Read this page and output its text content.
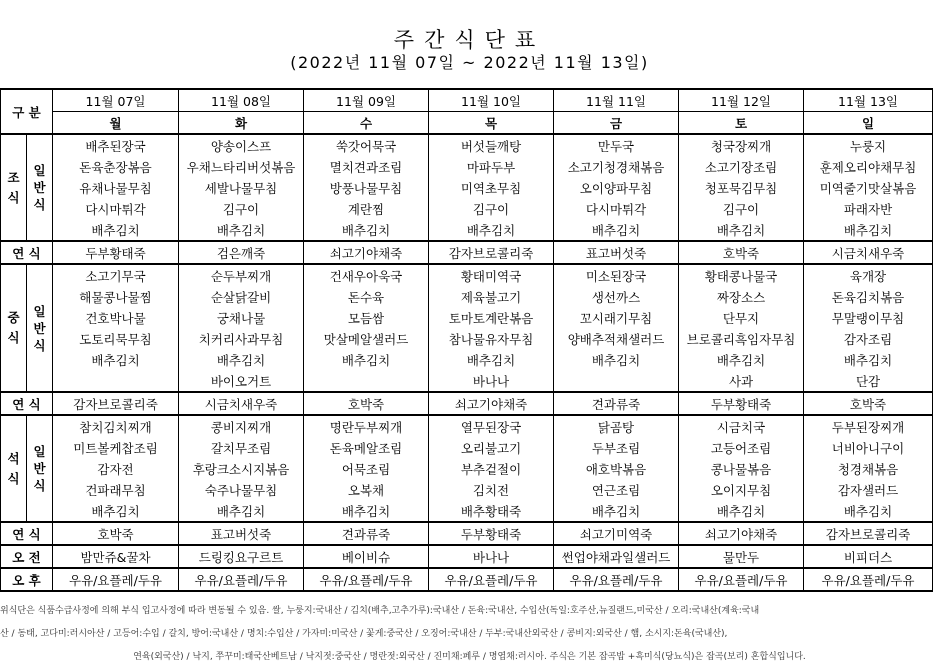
주간식단표
(2022년 11월 07일 ~ 2022년 11월 13일)
구 분		11월 07일	11월 08일	11월 09일	11월 10일	11월 11일	11월 12일	11월 13일
		월	화	수	목	금	토	일
조
식	일
반
식	배추된장국	양송이스프	쑥갓어묵국	버섯들깨탕	만두국	청국장찌개	누룽지
		돈육춘장볶음	우채느타리버섯볶음	멸치견과조림	마파두부	소고기청경채볶음	소고기장조림	훈제오리야채무침
		유채나물무침	세발나물무침	방풍나물무침	미역초무침	오이양파무침	청포묵김무침	미역줄기맛살볶음
		다시마튀각	김구이	계란찜	김구이	다시마튀각	김구이	파래자반
		배추김치	배추김치	배추김치	배추김치	배추김치	배추김치	배추김치
연 식		두부황태죽	검은깨죽	쇠고기야채죽	감자브로콜리죽	표고버섯죽	호박죽	시금치새우죽
중
식	일
반
식	소고기무국	순두부찌개	건새우아욱국	황태미역국	미소된장국	황태콩나물국	육개장
		해물콩나물찜	순살닭갈비	돈수육	제육불고기	생선까스	짜장소스	돈육김치볶음
		건호박나물	궁채나물	모듬쌈	토마토계란볶음	꼬시래기무침	단무지	무말랭이무침
		도토리묵무침	치커리사과무침	맛살메알샐러드	참나물유자무침	양배추적채샐러드	브로콜리흑임자무침	감자조림
		배추김치	배추김치	배추김치	배추김치	배추김치	배추김치	배추김치
			바이오거트		바나나		사과	단감
연 식		감자브로콜리죽	시금치새우죽	호박죽	쇠고기야채죽	견과류죽	두부황태죽	호박죽
석
식	일
반
식	참치김치찌개	콩비지찌개	명란두부찌개	열무된장국	닭곰탕	시금치국	두부된장찌개
		미트볼케찹조림	갈치무조림	돈육메알조림	오리불고기	두부조림	고등어조림	너비아니구이
		감자전	후랑크소시지볶음	어묵조림	부추겉절이	애호박볶음	콩나물볶음	청경채볶음
		건파래무침	숙주나물무침	오복채	김치전	연근조림	오이지무침	감자샐러드
		배추김치	배추김치	배추김치	배추황태죽	배추김치	배추김치	배추김치
연 식		호박죽	표고버섯죽	견과류죽	두부황태죽	쇠고기미역죽	쇠고기야채죽	감자브로콜리죽
오 전		밤만쥬&꿀차	드링킹요구르트	베이비슈	바나나	썬업야채과일샐러드	물만두	비피더스
오 후		우유/요플레/두유	우유/요플레/두유	우유/요플레/두유	우유/요플레/두유	우유/요플레/두유	우유/요플레/두유	우유/요플레/두유
위식단은 식품수급사정에 의해 부식 입고사정에 따라 변동될 수 있음. 쌀, 누룽지:국내산 / 김치(배추,고추가루):국내산 / 돈육:국내산, 수입산(독일:호주산,뉴질랜드,미국산 / 오리:국내산(계육:국내
산 / 동태, 고다미:러시아산 / 고등어:수입 / 갈치, 방어:국내산 / 명치:수입산 / 가자미:미국산 / 꽃게:중국산 / 오징어:국내산 / 두부:국내산외국산 / 콩비지:외국산 / 햄, 소시지:돈육(국내산),
연육(외국산) / 낙지, 쭈꾸미:태국산베트남 / 낙지젓:중국산 / 명란젓:외국산 / 진미채:페루 / 명엽채:러시아. 주식은 기본 잡곡밥 +흑미식(당뇨식)은 잡곡(보리) 혼합식입니다.
